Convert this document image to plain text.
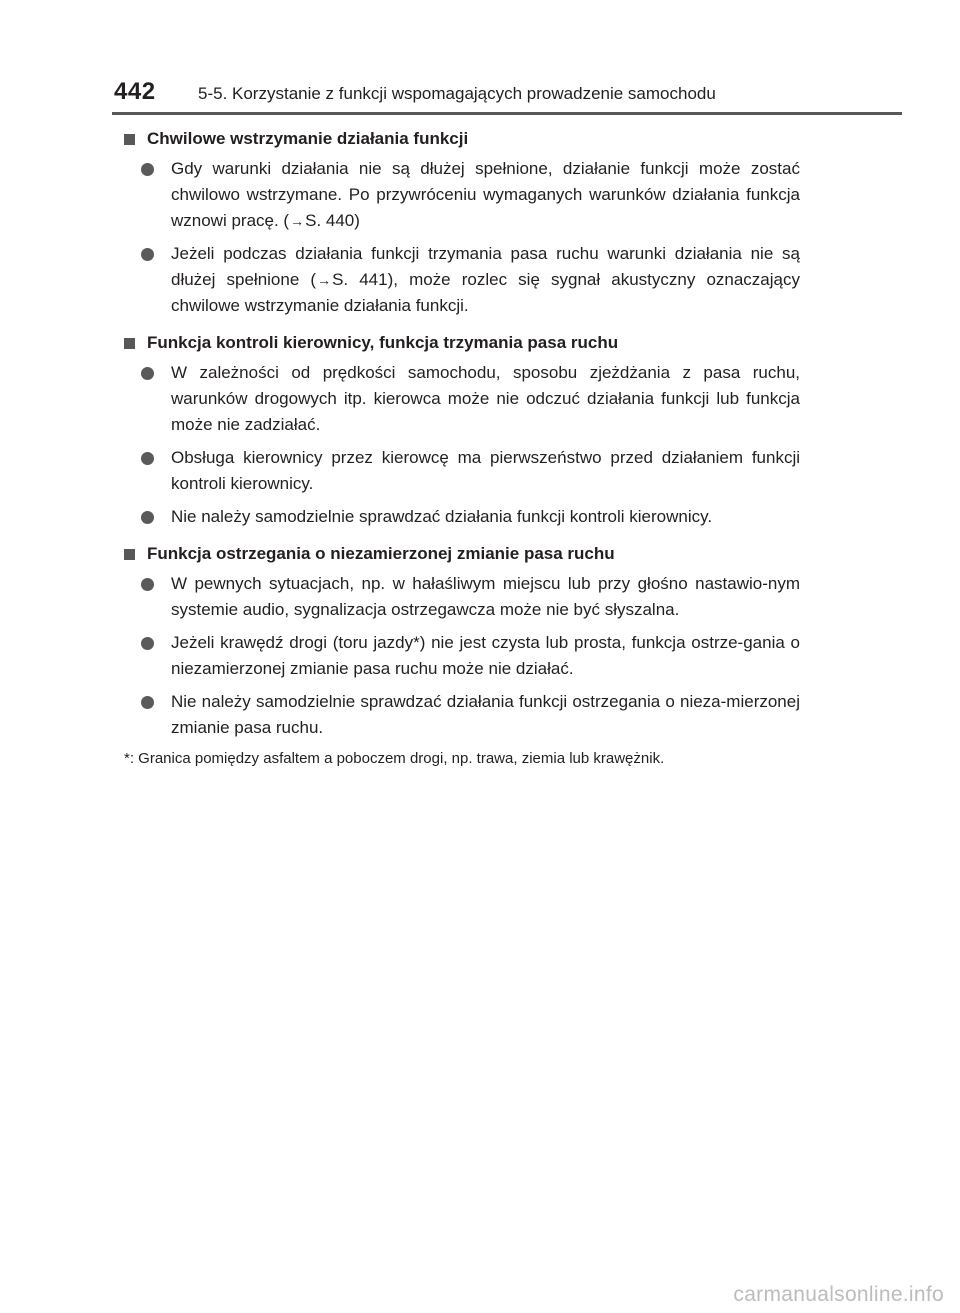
442 5-5. Korzystanie z funkcji wspomagających prowadzenie samochodu
Chwilowe wstrzymanie działania funkcji

Gdy warunki działania nie są dłużej spełnione, działanie funkcji może zostać chwilowo wstrzymane. Po przywróceniu wymaganych warunków działania funkcja wznowi pracę. (→S. 440)

Jeżeli podczas działania funkcji trzymania pasa ruchu warunki działania nie są dłużej spełnione (→S. 441), może rozlec się sygnał akustyczny oznaczający chwilowe wstrzymanie działania funkcji.

Funkcja kontroli kierownicy, funkcja trzymania pasa ruchu

W zależności od prędkości samochodu, sposobu zjeżdżania z pasa ruchu, warunków drogowych itp. kierowca może nie odczuć działania funkcji lub funkcja może nie zadziałać.

Obsługa kierownicy przez kierowcę ma pierwszeństwo przed działaniem funkcji kontroli kierownicy.

Nie należy samodzielnie sprawdzać działania funkcji kontroli kierownicy.

Funkcja ostrzegania o niezamierzonej zmianie pasa ruchu

W pewnych sytuacjach, np. w hałaśliwym miejscu lub przy głośno nastawio-nym systemie audio, sygnalizacja ostrzegawcza może nie być słyszalna.

Jeżeli krawędź drogi (toru jazdy*) nie jest czysta lub prosta, funkcja ostrze-gania o niezamierzonej zmianie pasa ruchu może nie działać.

Nie należy samodzielnie sprawdzać działania funkcji ostrzegania o nieza-mierzonej zmianie pasa ruchu.

*: Granica pomiędzy asfaltem a poboczem drogi, np. trawa, ziemia lub krawężnik.

carmanualsonline.info
